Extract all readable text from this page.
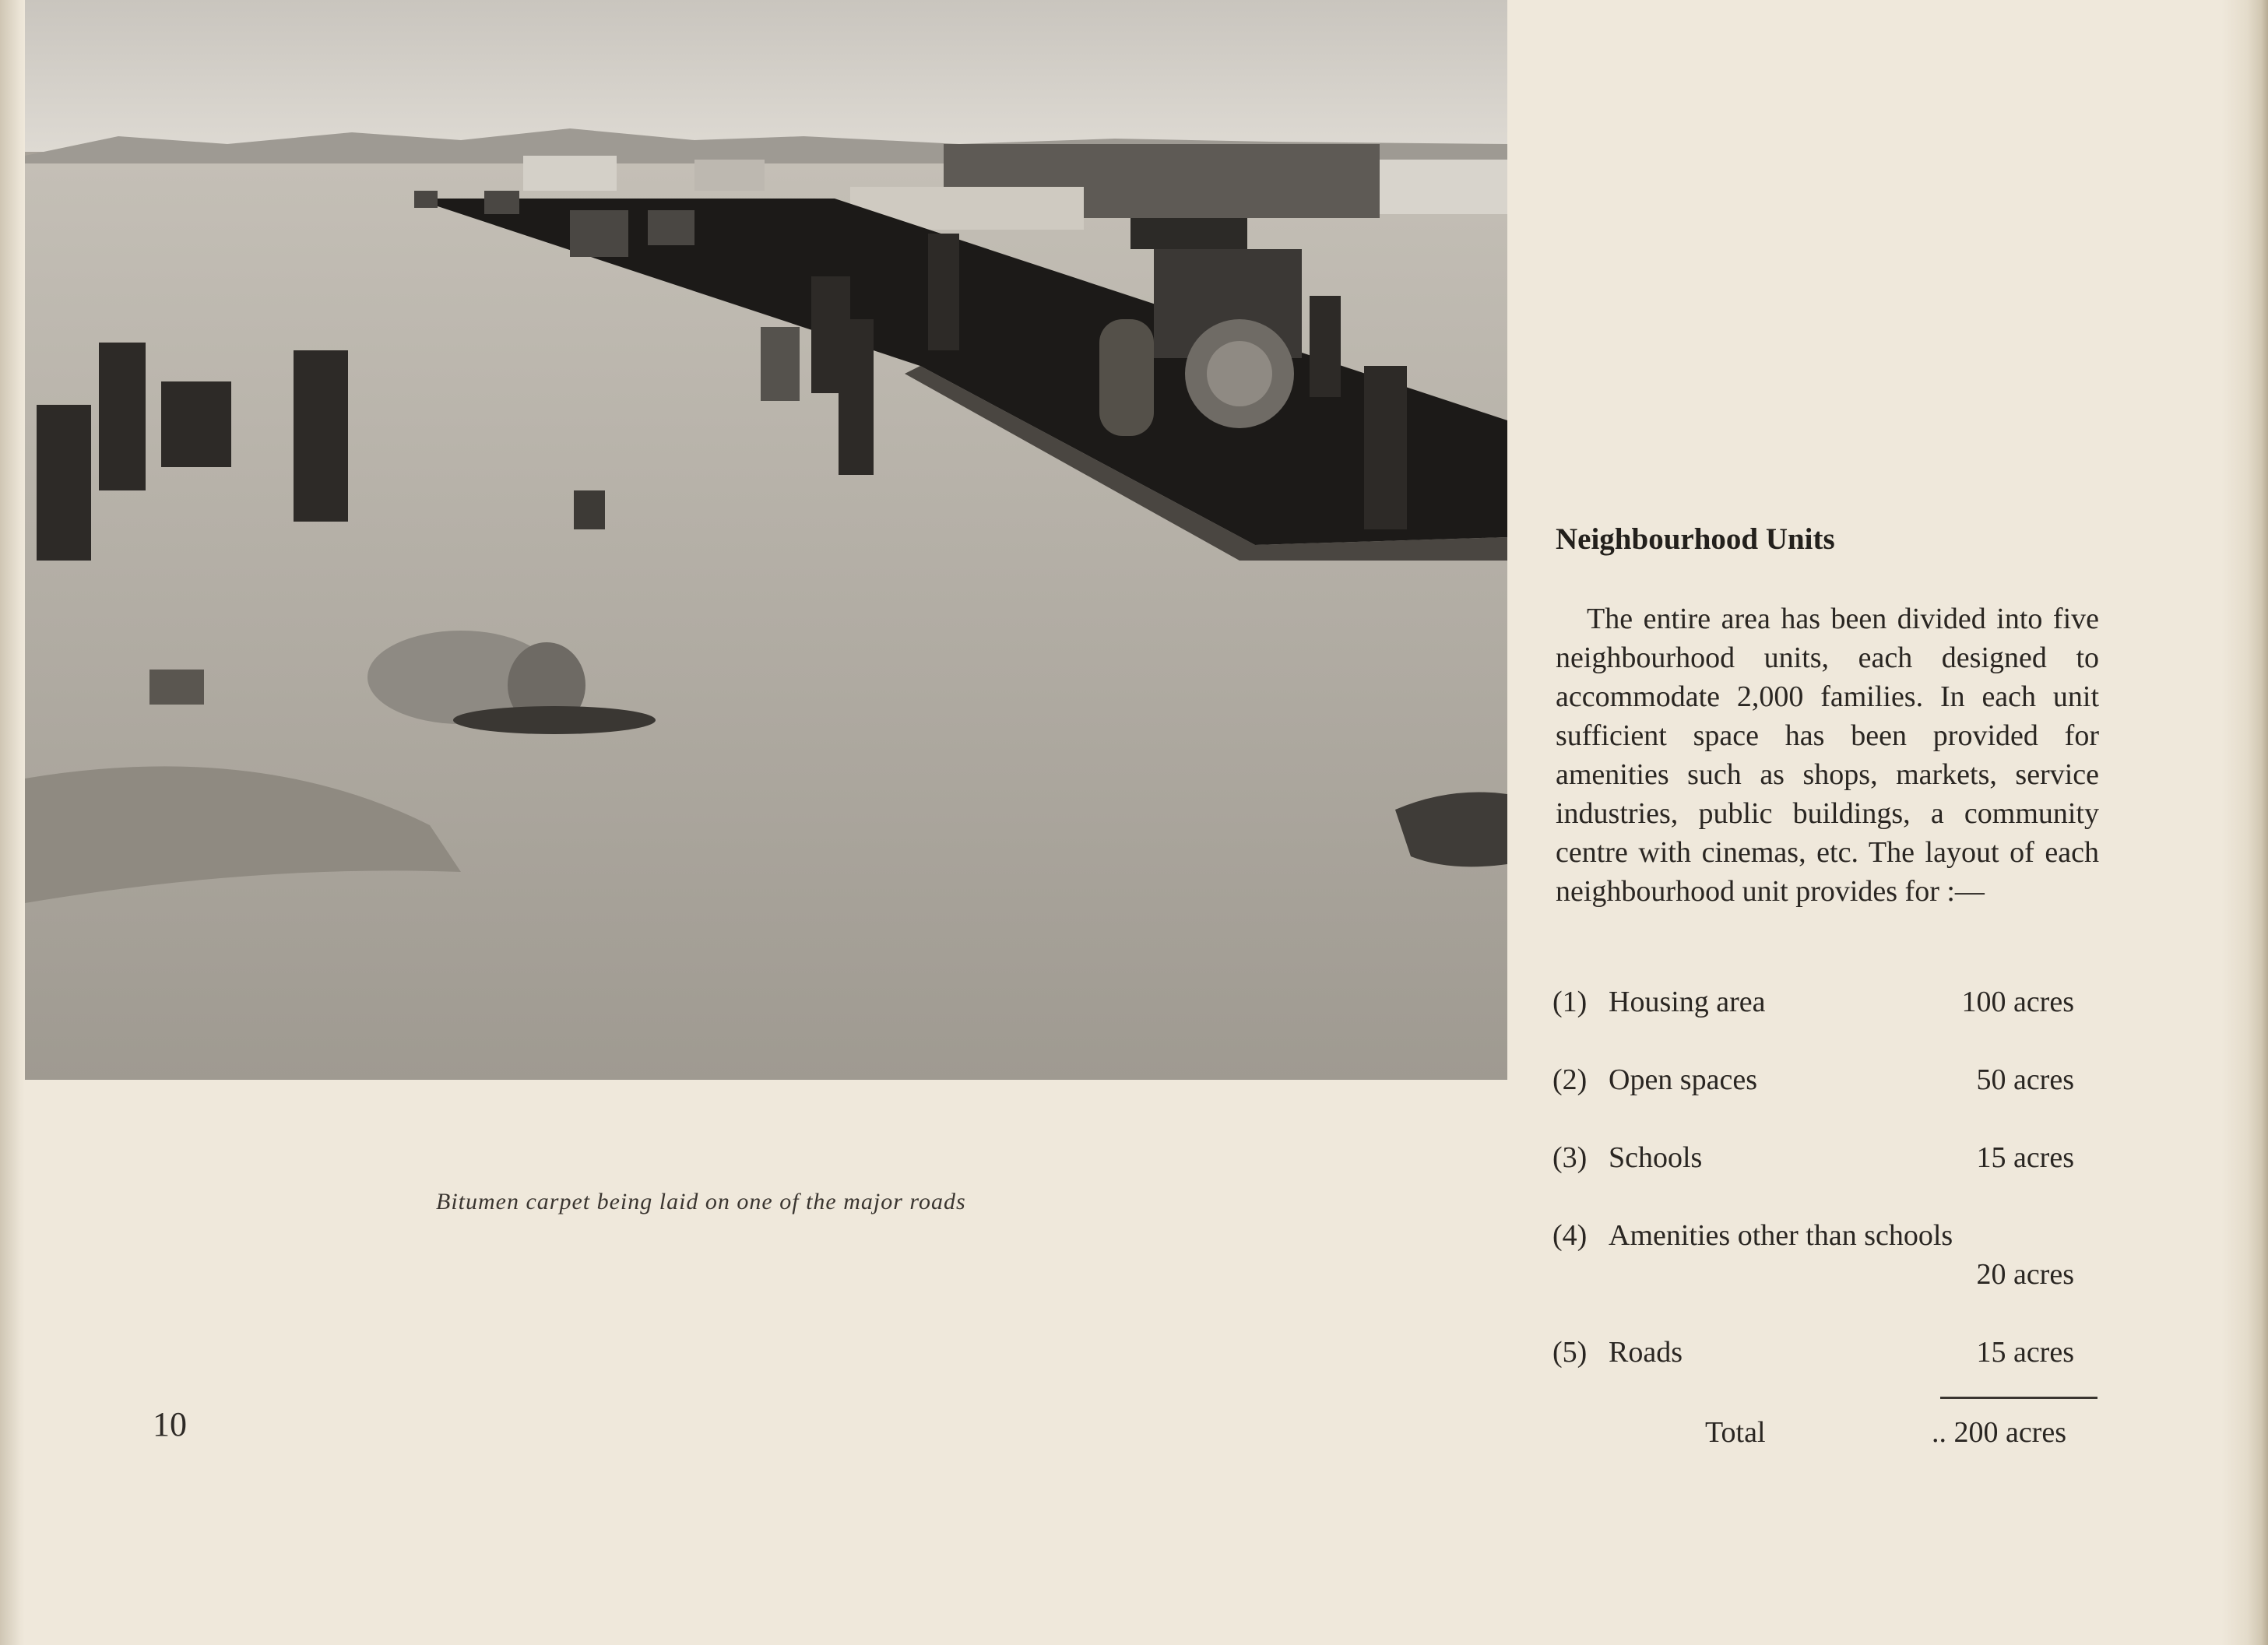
Bitumen carpet being laid on one of the major roads
10
Neighbourhood Units

The entire area has been divided into five neighbourhood units, each designed to accommodate 2,000 families. In each unit sufficient space has been provided for amenities such as shops, markets, service industries, public buildings, a community centre with cinemas, etc. The layout of each neighbourhood unit provides for :—

(1) Housing area	100 acres
(2) Open spaces	50 acres
(3) Schools	15 acres
(4) Amenities other than schools
20 acres
(5) Roads	15 acres
Total	.. 200 acres
